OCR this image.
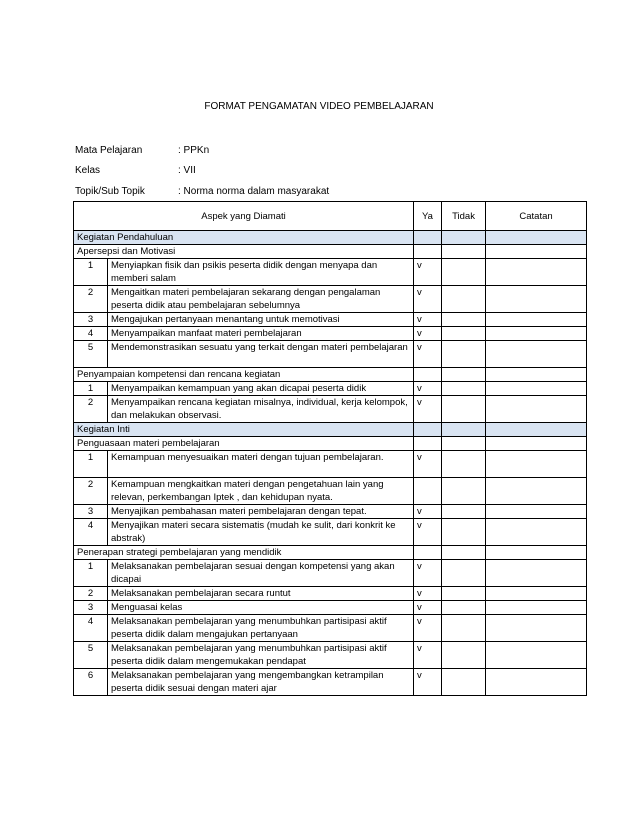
FORMAT PENGAMATAN VIDEO PEMBELAJARAN
Mata Pelajaran	: PPKn
Kelas	: VII
Topik/Sub Topik	: Norma norma dalam masyarakat
Aspek yang Diamati		Ya	Tidak	Catatan
Kegiatan Pendahuluan				
Apersepsi dan Motivasi				
1	Menyiapkan fisik dan psikis peserta didik dengan menyapa dan memberi salam	v		
2	Mengaitkan materi pembelajaran sekarang dengan pengalaman peserta didik atau pembelajaran sebelumnya	v		
3	Mengajukan pertanyaan menantang untuk memotivasi	v		
4	Menyampaikan manfaat materi pembelajaran	v		
5	Mendemonstrasikan sesuatu yang terkait dengan materi pembelajaran	v		
Penyampaian kompetensi dan rencana kegiatan				
1	Menyampaikan kemampuan yang akan dicapai peserta didik	v		
2	Menyampaikan rencana kegiatan misalnya, individual, kerja kelompok, dan melakukan observasi.	v		
Kegiatan Inti				
Penguasaan materi pembelajaran				
1	Kemampuan menyesuaikan materi dengan tujuan pembelajaran.	v		
2	Kemampuan mengkaitkan materi dengan pengetahuan lain yang relevan, perkembangan Iptek , dan kehidupan nyata.			
3	Menyajikan pembahasan materi pembelajaran dengan tepat.	v		
4	Menyajikan materi secara sistematis (mudah ke sulit, dari konkrit ke abstrak)	v		
Penerapan strategi pembelajaran yang mendidik				
1	Melaksanakan pembelajaran sesuai dengan kompetensi yang akan dicapai	v		
2	Melaksanakan pembelajaran secara runtut	v		
3	Menguasai kelas	v		
4	Melaksanakan pembelajaran yang menumbuhkan partisipasi aktif peserta didik dalam mengajukan pertanyaan	v		
5	Melaksanakan pembelajaran yang menumbuhkan partisipasi aktif peserta didik dalam mengemukakan pendapat	v		
6	Melaksanakan pembelajaran yang mengembangkan ketrampilan peserta didik sesuai dengan materi ajar	v		
